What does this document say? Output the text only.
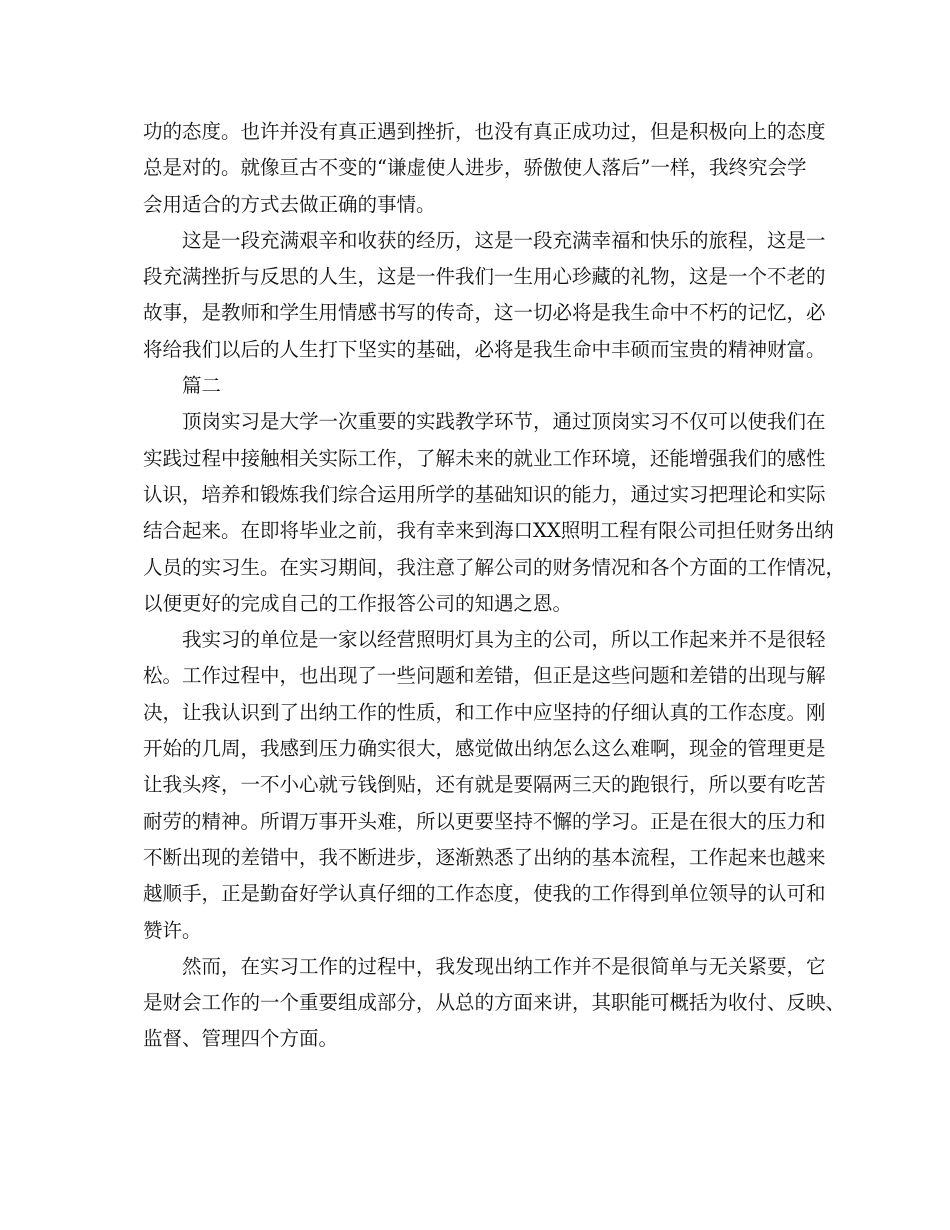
功的态度。也许并没有真正遇到挫折，也没有真正成功过，但是积极向上的态度
总是对的。就像亘古不变的“谦虚使人进步，骄傲使人落后”一样，我终究会学
会用适合的方式去做正确的事情。
这是一段充满艰辛和收获的经历，这是一段充满幸福和快乐的旅程，这是一
段充满挫折与反思的人生，这是一件我们一生用心珍藏的礼物，这是一个不老的
故事，是教师和学生用情感书写的传奇，这一切必将是我生命中不朽的记忆，必
将给我们以后的人生打下坚实的基础，必将是我生命中丰硕而宝贵的精神财富。
篇二
顶岗实习是大学一次重要的实践教学环节，通过顶岗实习不仅可以使我们在
实践过程中接触相关实际工作，了解未来的就业工作环境，还能增强我们的感性
认识，培养和锻炼我们综合运用所学的基础知识的能力，通过实习把理论和实际
结合起来。在即将毕业之前，我有幸来到海口XX照明工程有限公司担任财务出纳
人员的实习生。在实习期间，我注意了解公司的财务情况和各个方面的工作情况，
以便更好的完成自己的工作报答公司的知遇之恩。
我实习的单位是一家以经营照明灯具为主的公司，所以工作起来并不是很轻
松。工作过程中，也出现了一些问题和差错，但正是这些问题和差错的出现与解
决，让我认识到了出纳工作的性质，和工作中应坚持的仔细认真的工作态度。刚
开始的几周，我感到压力确实很大，感觉做出纳怎么这么难啊，现金的管理更是
让我头疼，一不小心就亏钱倒贴，还有就是要隔两三天的跑银行，所以要有吃苦
耐劳的精神。所谓万事开头难，所以更要坚持不懈的学习。正是在很大的压力和
不断出现的差错中，我不断进步，逐渐熟悉了出纳的基本流程，工作起来也越来
越顺手，正是勤奋好学认真仔细的工作态度，使我的工作得到单位领导的认可和
赞许。
然而，在实习工作的过程中，我发现出纳工作并不是很简单与无关紧要，它
是财会工作的一个重要组成部分，从总的方面来讲，其职能可概括为收付、反映、
监督、管理四个方面。
